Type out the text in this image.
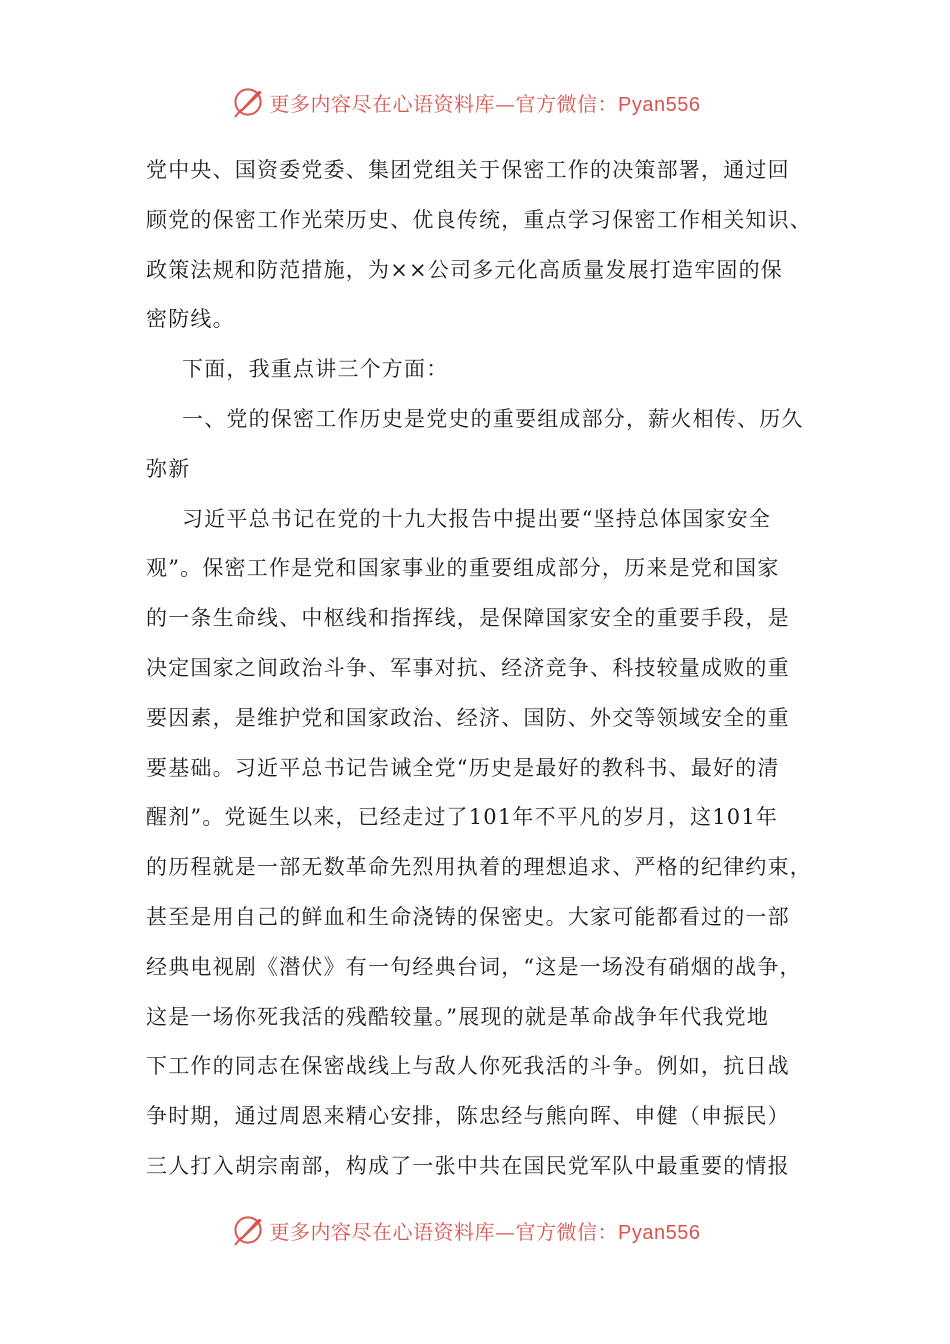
更多内容尽在心语资料库—官方微信：Pyan556
党中央、国资委党委、集团党组关于保密工作的决策部署，通过回
顾党的保密工作光荣历史、优良传统，重点学习保密工作相关知识、
政策法规和防范措施，为××公司多元化高质量发展打造牢固的保
密防线。
下面，我重点讲三个方面：
一、党的保密工作历史是党史的重要组成部分，薪火相传、历久
弥新
习近平总书记在党的十九大报告中提出要“坚持总体国家安全
观”。保密工作是党和国家事业的重要组成部分，历来是党和国家
的一条生命线、中枢线和指挥线，是保障国家安全的重要手段，是
决定国家之间政治斗争、军事对抗、经济竞争、科技较量成败的重
要因素，是维护党和国家政治、经济、国防、外交等领域安全的重
要基础。习近平总书记告诫全党“历史是最好的教科书、最好的清
醒剂”。党诞生以来，已经走过了101年不平凡的岁月，这101年
的历程就是一部无数革命先烈用执着的理想追求、严格的纪律约束，
甚至是用自己的鲜血和生命浇铸的保密史。大家可能都看过的一部
经典电视剧《潜伏》有一句经典台词，“这是一场没有硝烟的战争，
这是一场你死我活的残酷较量。”展现的就是革命战争年代我党地
下工作的同志在保密战线上与敌人你死我活的斗争。例如，抗日战
争时期，通过周恩来精心安排，陈忠经与熊向晖、申健（申振民）
三人打入胡宗南部，构成了一张中共在国民党军队中最重要的情报
更多内容尽在心语资料库—官方微信：Pyan556
